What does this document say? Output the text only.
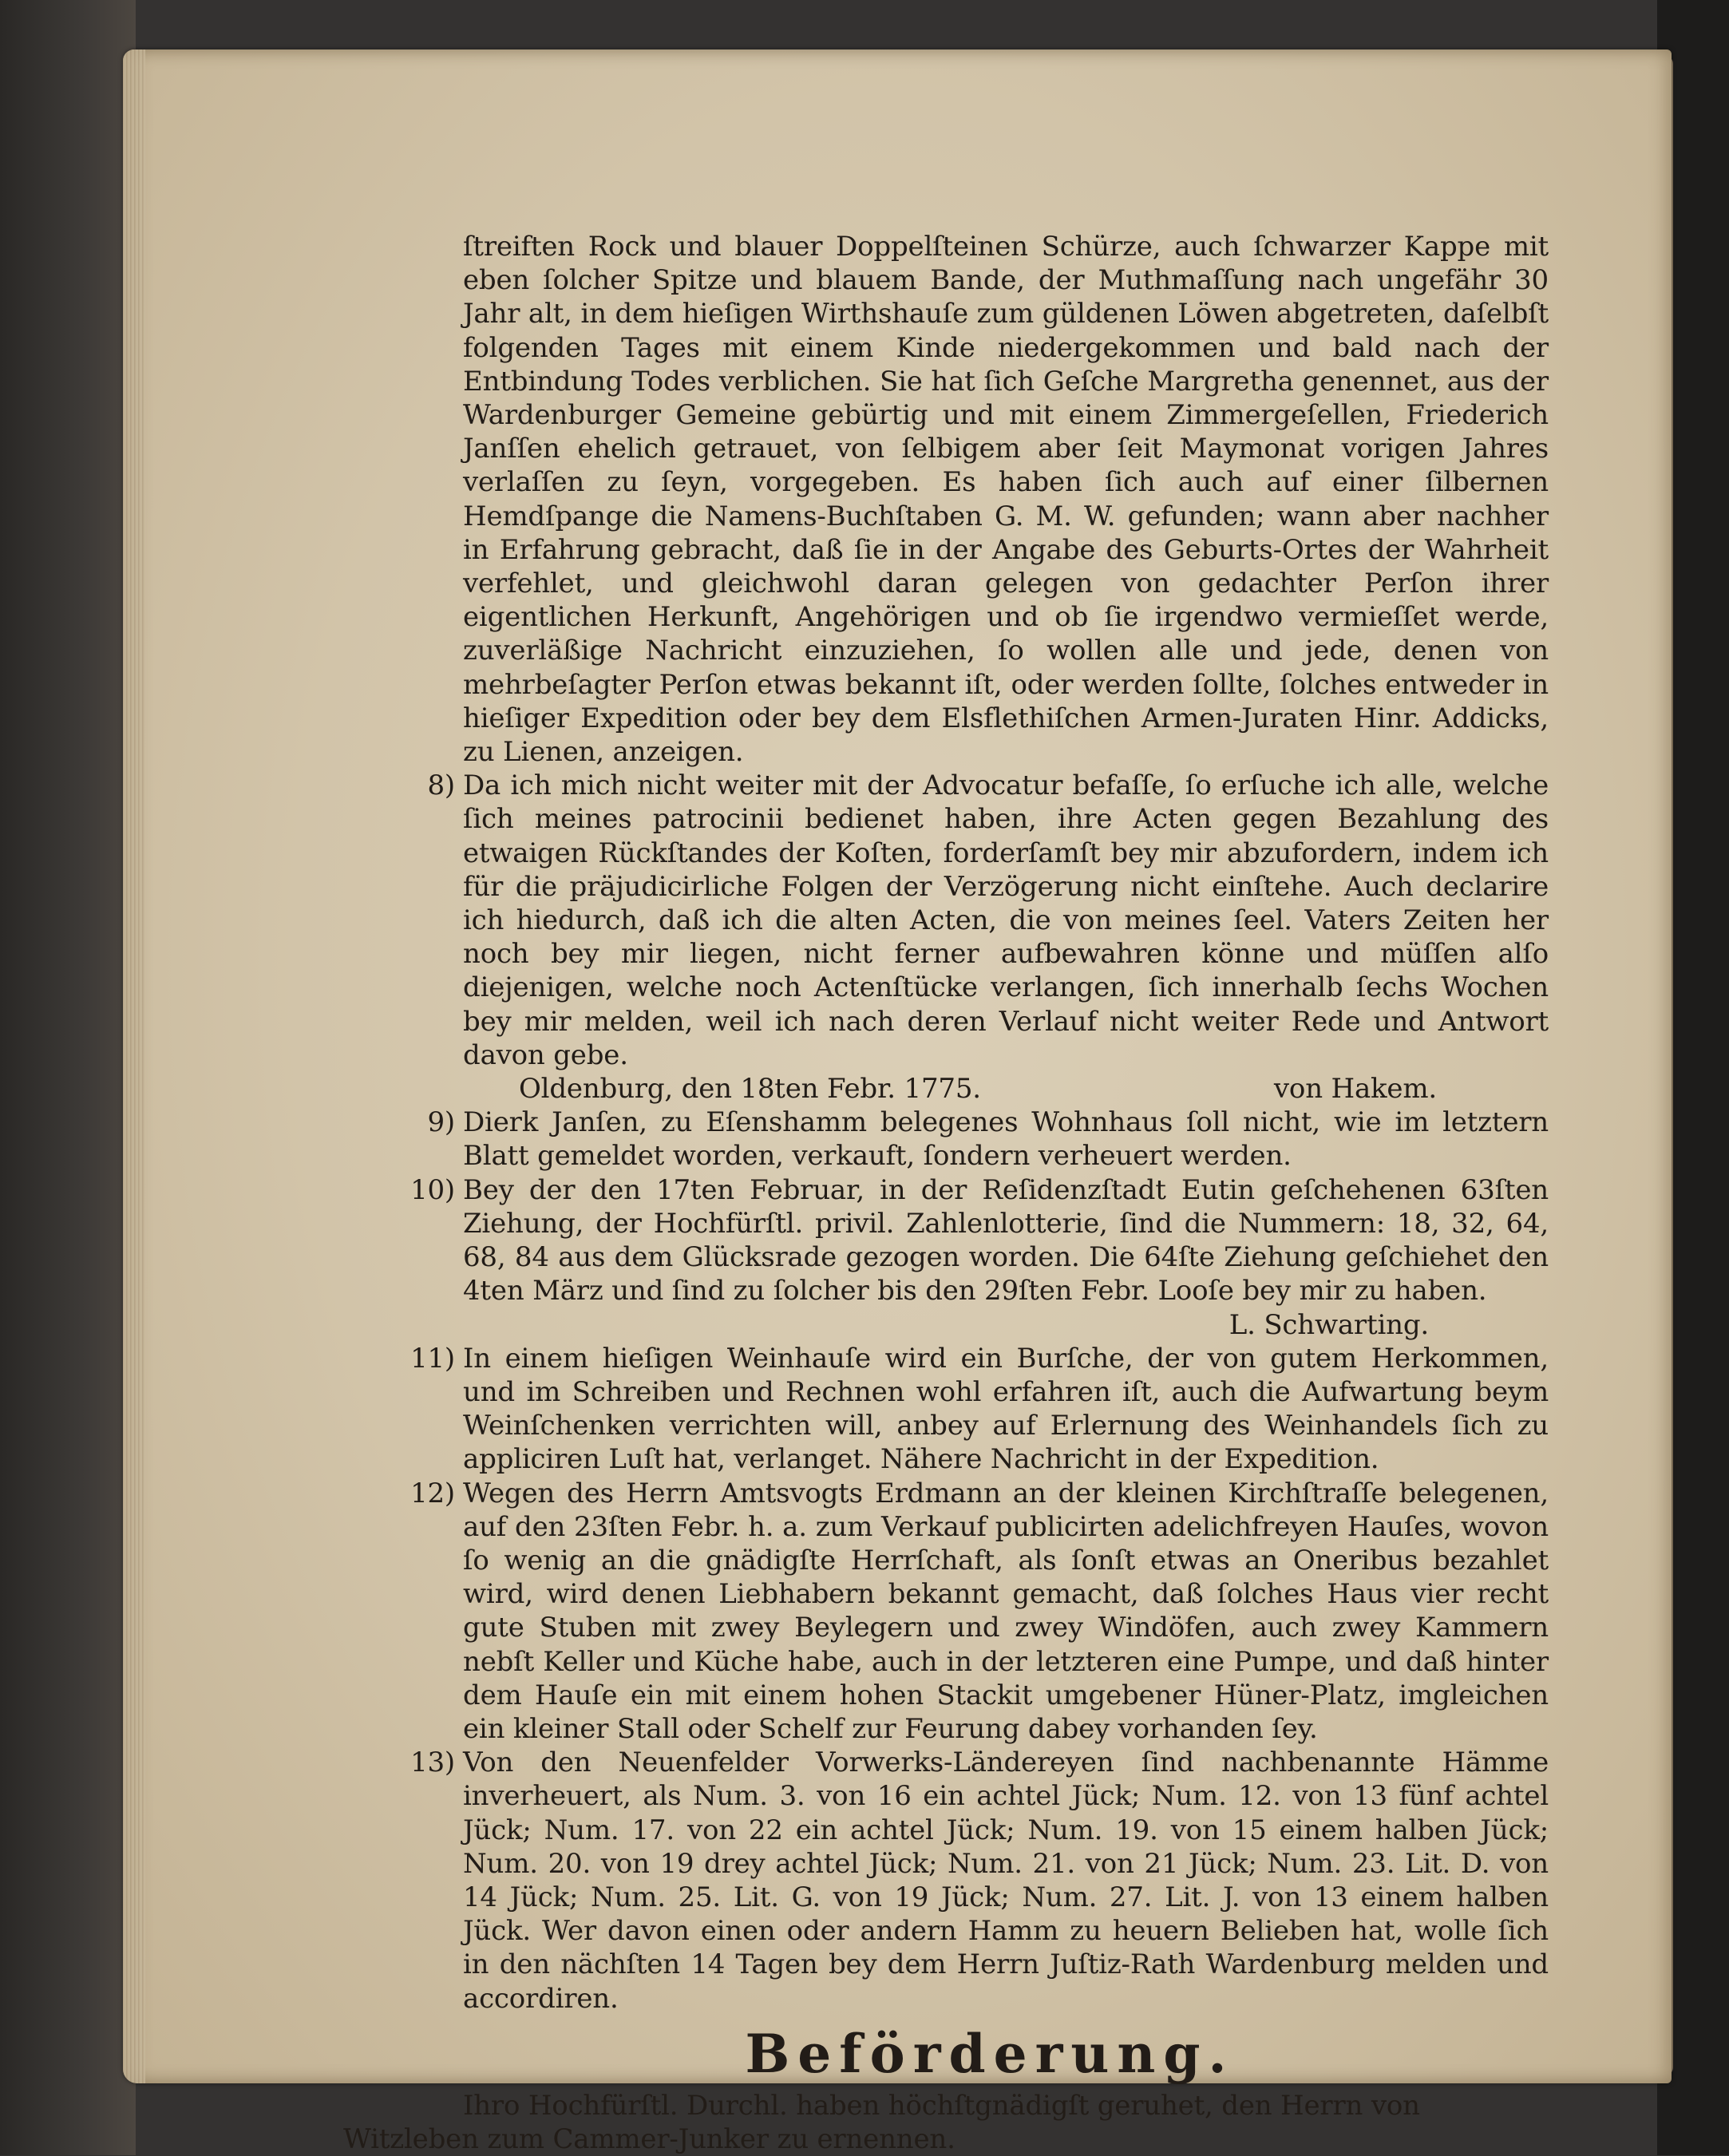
ſtreiften Rock und blauer Doppelſteinen Schürze, auch ſchwarzer Kappe mit eben ſolcher Spitze und blauem Bande, der Muthmaſſung nach ungefähr 30 Jahr alt, in dem hieſigen Wirthshauſe zum güldenen Löwen abgetreten, daſelbſt folgenden Tages mit einem Kinde niedergekommen und bald nach der Entbindung Todes verblichen. Sie hat ſich Geſche Margretha genennet, aus der Wardenburger Gemeine gebürtig und mit einem Zimmergeſellen, Friederich Janſſen ehelich getrauet, von ſelbigem aber ſeit Maymonat vorigen Jahres verlaſſen zu ſeyn, vorgegeben. Es haben ſich auch auf einer ſilbernen Hemdſpange die Namens-Buchſtaben G. M. W. gefunden; wann aber nachher in Erfahrung gebracht, daß ſie in der Angabe des Geburts-Ortes der Wahrheit verfehlet, und gleichwohl daran gelegen von gedachter Perſon ihrer eigentlichen Herkunft, Angehörigen und ob ſie irgendwo vermieſſet werde, zuverläßige Nachricht einzuziehen, ſo wollen alle und jede, denen von mehrbeſagter Perſon etwas bekannt iſt, oder werden ſollte, ſolches entweder in hieſiger Expedition oder bey dem Elsflethiſchen Armen-Juraten Hinr. Addicks, zu Lienen, anzeigen.

8) Da ich mich nicht weiter mit der Advocatur befaſſe, ſo erſuche ich alle, welche ſich meines patrocinii bedienet haben, ihre Acten gegen Bezahlung des etwaigen Rückſtandes der Koſten, forderſamſt bey mir abzufordern, indem ich für die präjudicirliche Folgen der Verzögerung nicht einſtehe. Auch declarire ich hiedurch, daß ich die alten Acten, die von meines ſeel. Vaters Zeiten her noch bey mir liegen, nicht ferner aufbewahren könne und müſſen alſo diejenigen, welche noch Actenſtücke verlangen, ſich innerhalb ſechs Wochen bey mir melden, weil ich nach deren Verlauf nicht weiter Rede und Antwort davon gebe.

Oldenburg, den 18ten Febr. 1775.	von Hakem.
9) Dierk Janſen, zu Eſenshamm belegenes Wohnhaus ſoll nicht, wie im letztern Blatt gemeldet worden, verkauft, ſondern verheuert werden.

10) Bey der den 17ten Februar, in der Reſidenzſtadt Eutin geſchehenen 63ſten Ziehung, der Hochfürſtl. privil. Zahlenlotterie, ſind die Nummern: 18, 32, 64, 68, 84 aus dem Glücksrade gezogen worden. Die 64ſte Ziehung geſchiehet den 4ten März und ſind zu ſolcher bis den 29ſten Febr. Looſe bey mir zu haben.

L. Schwarting.
11) In einem hieſigen Weinhauſe wird ein Burſche, der von gutem Herkommen, und im Schreiben und Rechnen wohl erfahren iſt, auch die Aufwartung beym Weinſchenken verrichten will, anbey auf Erlernung des Weinhandels ſich zu appliciren Luſt hat, verlanget. Nähere Nachricht in der Expedition.

12) Wegen des Herrn Amtsvogts Erdmann an der kleinen Kirchſtraſſe belegenen, auf den 23ſten Febr. h. a. zum Verkauf publicirten adelichfreyen Hauſes, wovon ſo wenig an die gnädigſte Herrſchaft, als ſonſt etwas an Oneribus bezahlet wird, wird denen Liebhabern bekannt gemacht, daß ſolches Haus vier recht gute Stuben mit zwey Beylegern und zwey Windöfen, auch zwey Kammern nebſt Keller und Küche habe, auch in der letzteren eine Pumpe, und daß hinter dem Hauſe ein mit einem hohen Stackit umgebener Hüner-Platz, imgleichen ein kleiner Stall oder Schelf zur Feurung dabey vorhanden ſey.

13) Von den Neuenfelder Vorwerks-Ländereyen ſind nachbenannte Hämme inverheuert, als Num. 3. von 16 ein achtel Jück; Num. 12. von 13 fünf achtel Jück; Num. 17. von 22 ein achtel Jück; Num. 19. von 15 einem halben Jück; Num. 20. von 19 drey achtel Jück; Num. 21. von 21 Jück; Num. 23. Lit. D. von 14 Jück; Num. 25. Lit. G. von 19 Jück; Num. 27. Lit. J. von 13 einem halben Jück. Wer davon einen oder andern Hamm zu heuern Belieben hat, wolle ſich in den nächſten 14 Tagen bey dem Herrn Juſtiz-Rath Wardenburg melden und accordiren.

Beförderung.

Ihro Hochfürſtl. Durchl. haben höchſtgnädigſt geruhet, den Herrn von Witzleben zum Cammer-Junker zu ernennen.
